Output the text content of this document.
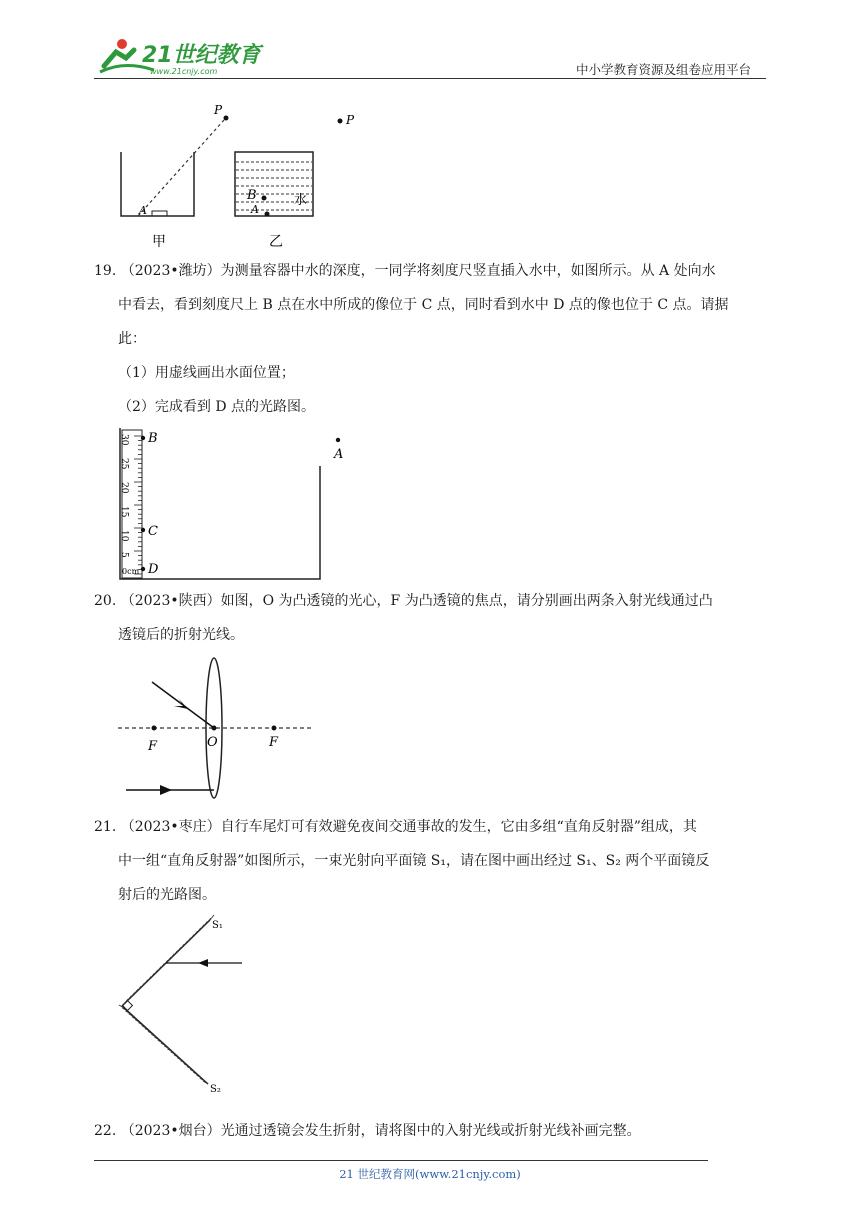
21世纪教育
www.21cnjy.com	中小学教育资源及组卷应用平台
P
A
甲
B
A
水
P
乙
19. （2023•潍坊）为测量容器中水的深度，一同学将刻度尺竖直插入水中，如图所示。从 A 处向水
中看去，看到刻度尺上 B 点在水中所成的像位于 C 点，同时看到水中 D 点的像也位于 C 点。请据
此：
（1）用虚线画出水面位置；
（2）完成看到 D 点的光路图。
30
25
20
15
10
5
0cm
B
C
D
A
20. （2023•陕西）如图，O 为凸透镜的光心，F 为凸透镜的焦点，请分别画出两条入射光线通过凸
透镜后的折射光线。
F	O	F
21. （2023•枣庄）自行车尾灯可有效避免夜间交通事故的发生，它由多组“直角反射器”组成，其
中一组“直角反射器”如图所示，一束光射向平面镜 S₁，请在图中画出经过 S₁、S₂ 两个平面镜反
射后的光路图。
S₁
S₂
22. （2023•烟台）光通过透镜会发生折射，请将图中的入射光线或折射光线补画完整。
21 世纪教育网(www.21cnjy.com)
